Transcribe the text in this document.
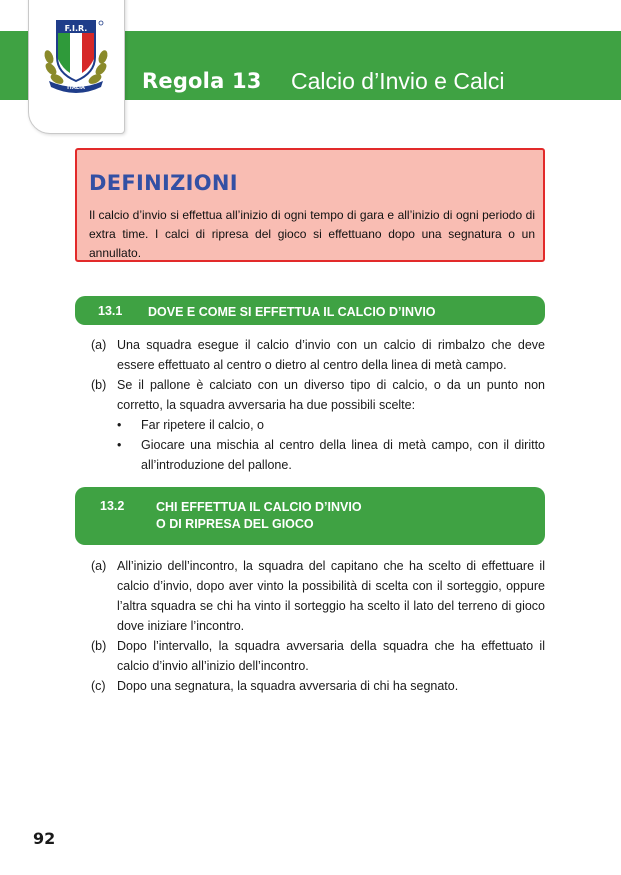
Regola 13 Calcio d’Invio e Calci
di Ripresa del Gioco
F.I.R.
ITALIA
DEFINIZIONI
Il calcio d’invio si effettua all’inizio di ogni tempo di gara e all’inizio di ogni periodo di extra time. I calci di ripresa del gioco si effettuano dopo una segnatura o un annullato.
13.1 DOVE E COME SI EFFETTUA IL CALCIO D’INVIO
(a) Una squadra esegue il calcio d’invio con un calcio di rimbalzo che deve essere effettuato al centro o dietro al centro della linea di metà campo.
(b) Se il pallone è calciato con un diverso tipo di calcio, o da un punto non corretto, la squadra avversaria ha due possibili scelte:
• Far ripetere il calcio, o
• Giocare una mischia al centro della linea di metà campo, con il diritto all’introduzione del pallone.
13.2	CHI EFFETTUA IL CALCIO D’INVIO
O DI RIPRESA DEL GIOCO
(a) All’inizio dell’incontro, la squadra del capitano che ha scelto di effettuare il calcio d’invio, dopo aver vinto la possibilità di scelta con il sorteggio, oppure l’altra squadra se chi ha vinto il sorteggio ha scelto il lato del terreno di gioco dove iniziare l’incontro.
(b) Dopo l’intervallo, la squadra avversaria della squadra che ha effettuato il calcio d’invio all’inizio dell’incontro.
(c) Dopo una segnatura, la squadra avversaria di chi ha segnato.
92
